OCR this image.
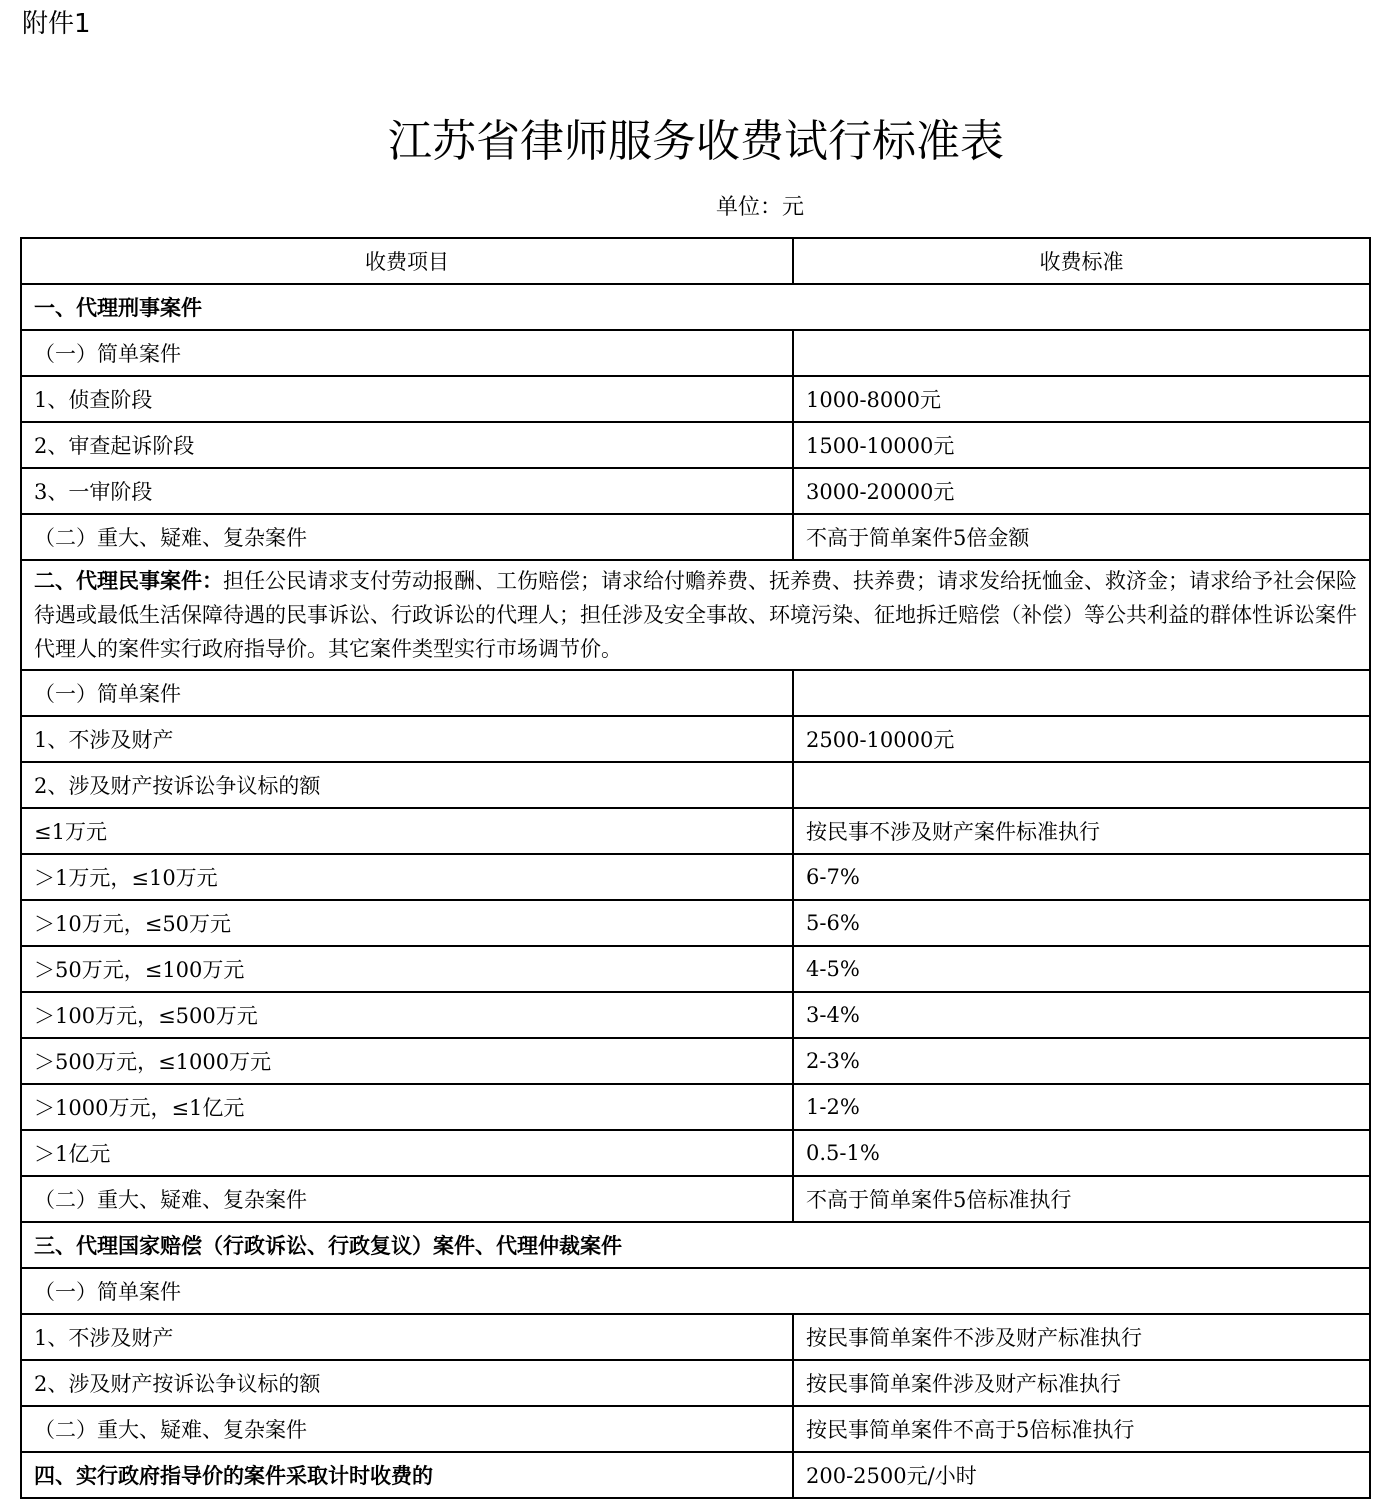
附件1
江苏省律师服务收费试行标准表
单位：元
收费项目	收费标准
一、代理刑事案件	
（一）简单案件	
1、侦查阶段	1000-8000元
2、审查起诉阶段	1500-10000元
3、一审阶段	3000-20000元
（二）重大、疑难、复杂案件	不高于简单案件5倍金额
二、代理民事案件：担任公民请求支付劳动报酬、工伤赔偿；请求给付赡养费、抚养费、扶养费；请求发给抚恤金、救济金；请求给予社会保险待遇或最低生活保障待遇的民事诉讼、行政诉讼的代理人；担任涉及安全事故、环境污染、征地拆迁赔偿（补偿）等公共利益的群体性诉讼案件代理人的案件实行政府指导价。其它案件类型实行市场调节价。	
（一）简单案件	
1、不涉及财产	2500-10000元
2、涉及财产按诉讼争议标的额	
≤1万元	按民事不涉及财产案件标准执行
＞1万元，≤10万元	6-7%
＞10万元，≤50万元	5-6%
＞50万元，≤100万元	4-5%
＞100万元，≤500万元	3-4%
＞500万元，≤1000万元	2-3%
＞1000万元，≤1亿元	1-2%
＞1亿元	0.5-1%
（二）重大、疑难、复杂案件	不高于简单案件5倍标准执行
三、代理国家赔偿（行政诉讼、行政复议）案件、代理仲裁案件	
（一）简单案件	
1、不涉及财产	按民事简单案件不涉及财产标准执行
2、涉及财产按诉讼争议标的额	按民事简单案件涉及财产标准执行
（二）重大、疑难、复杂案件	按民事简单案件不高于5倍标准执行
四、实行政府指导价的案件采取计时收费的	200-2500元/小时
